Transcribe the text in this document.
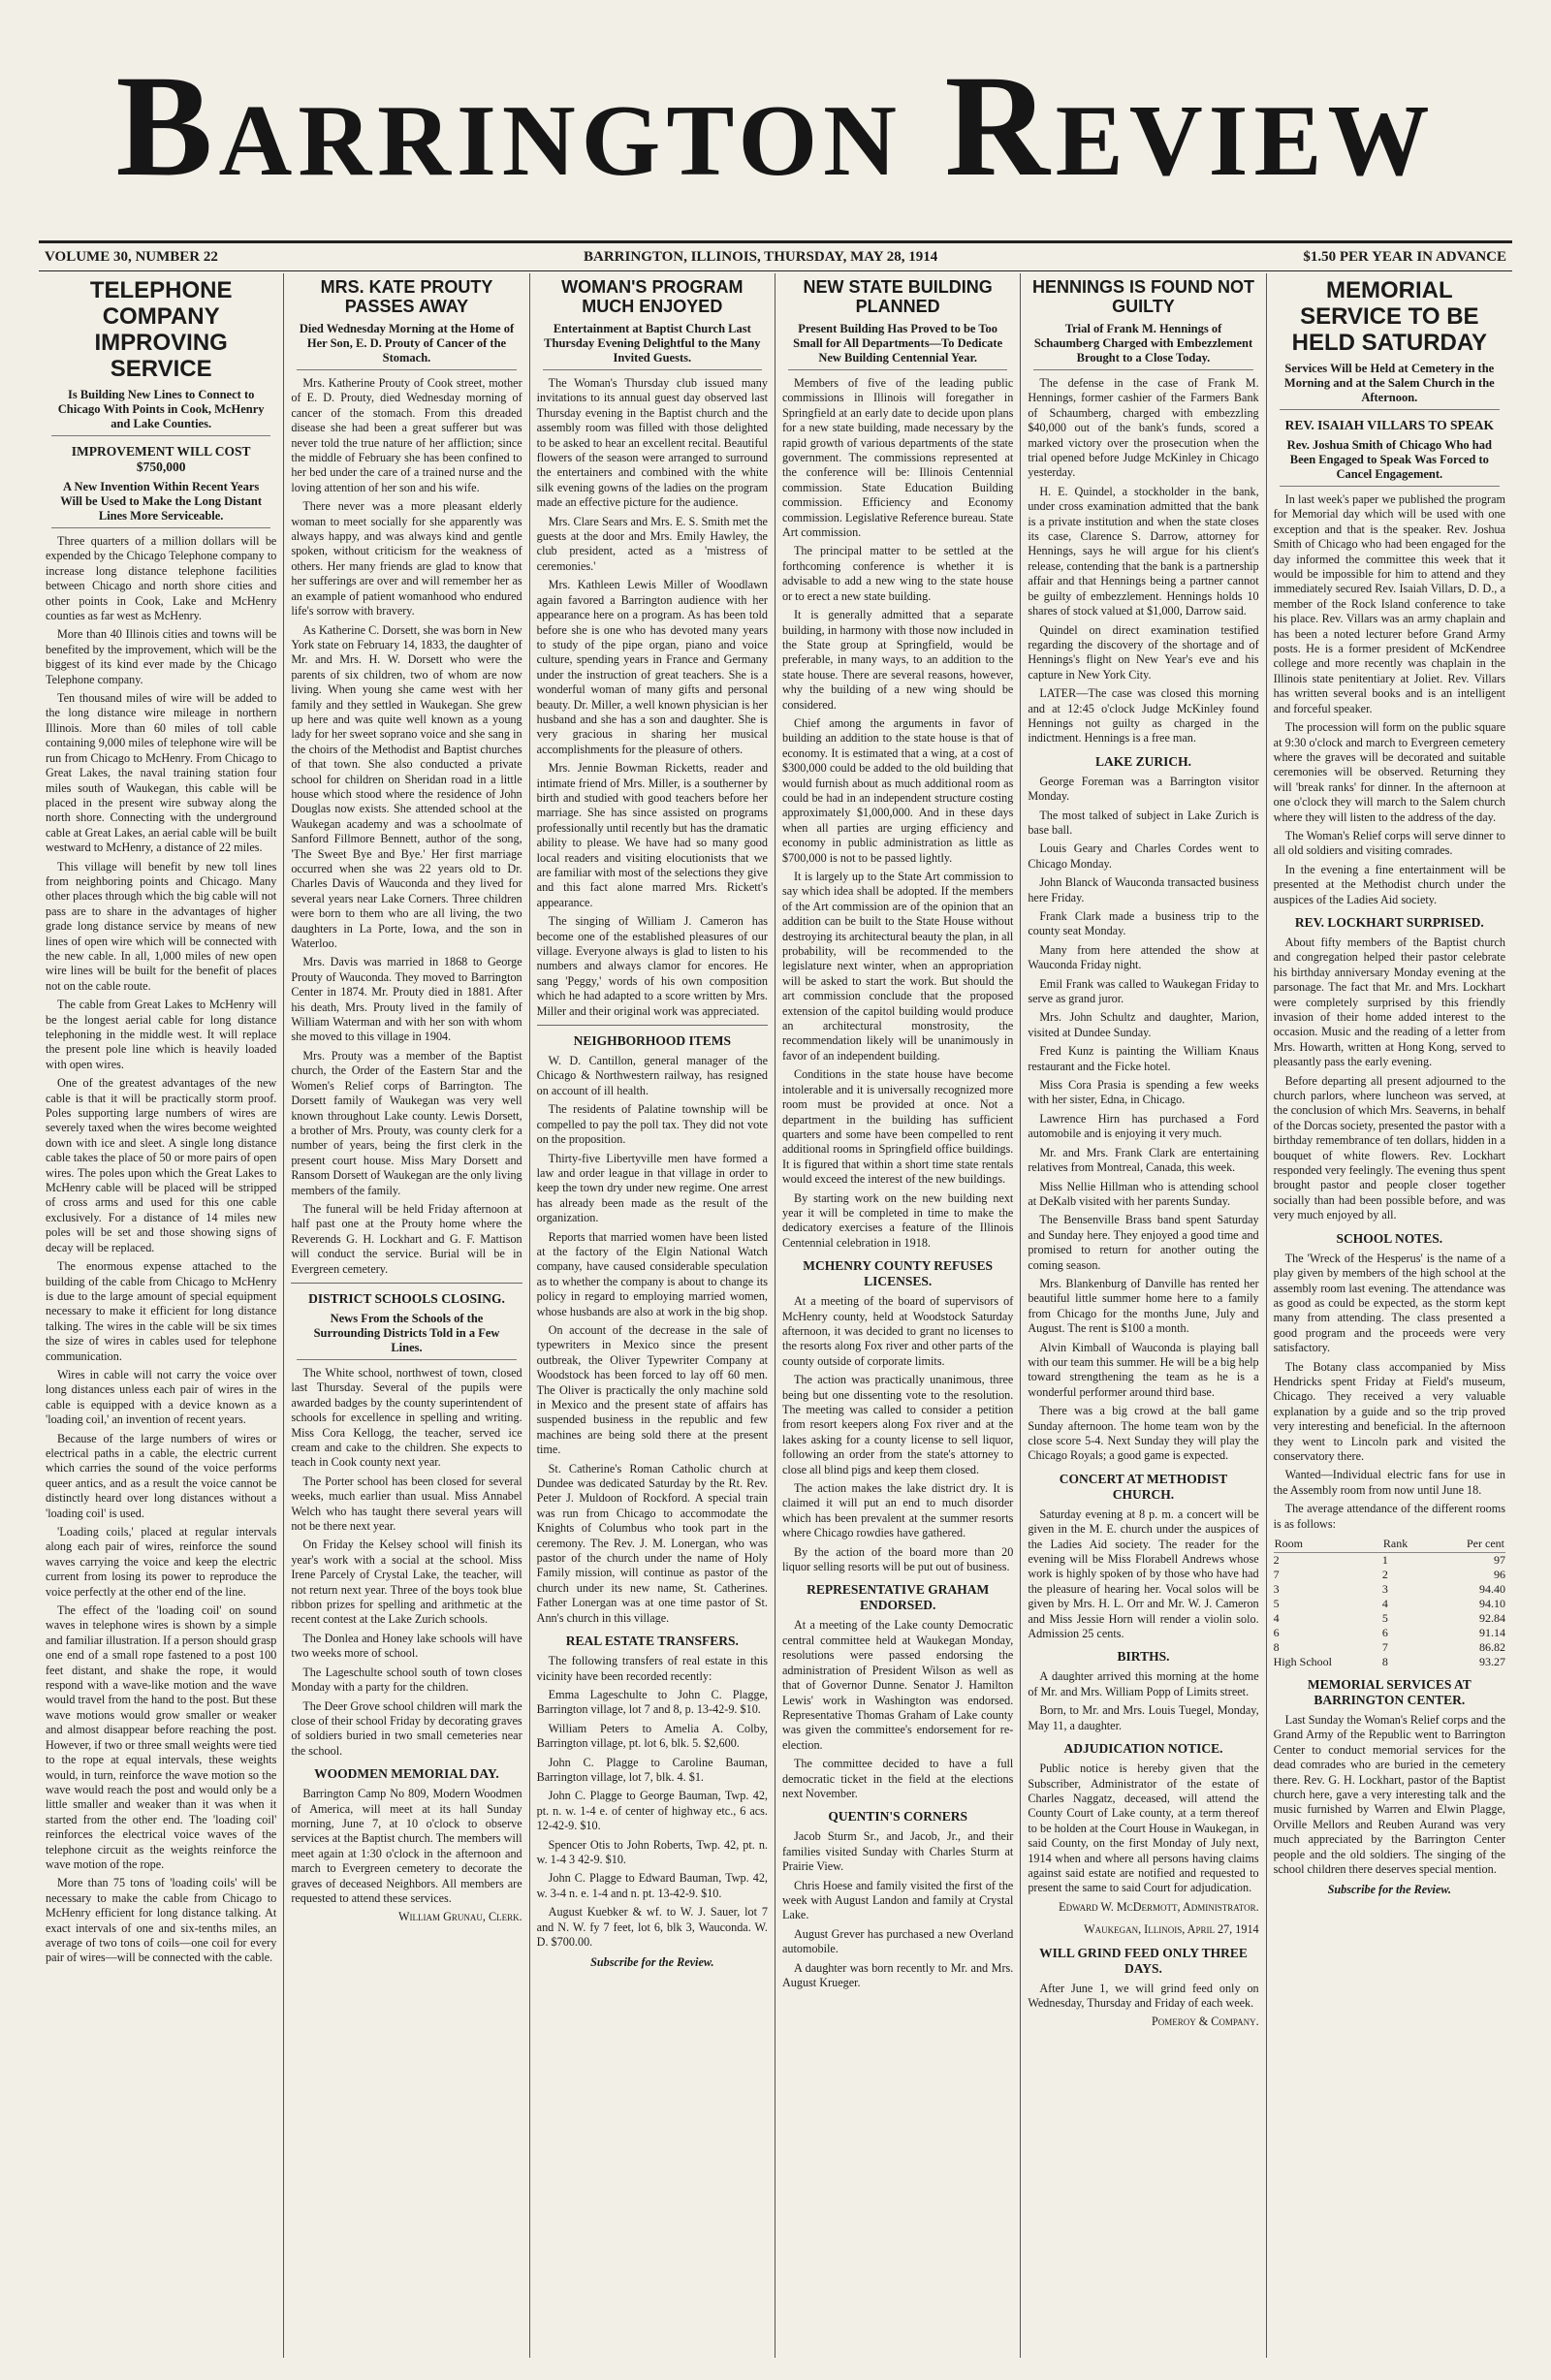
Barrington Review
VOLUME 30, NUMBER 22	BARRINGTON, ILLINOIS, THURSDAY, MAY 28, 1914	$1.50 PER YEAR IN ADVANCE
TELEPHONE COMPANY IMPROVING SERVICE
Is Building New Lines to Connect to Chicago With Points in Cook, McHenry and Lake Counties.
IMPROVEMENT WILL COST $750,000
A New Invention Within Recent Years Will be Used to Make the Long Distant Lines More Serviceable.

Three quarters of a million dollars will be expended by the Chicago Telephone company to increase long distance telephone facilities between Chicago and north shore cities and other points in Cook, Lake and McHenry counties as far west as McHenry.

More than 40 Illinois cities and towns will be benefited by the improvement, which will be the biggest of its kind ever made by the Chicago Telephone company.

Ten thousand miles of wire will be added to the long distance wire mileage in northern Illinois. More than 60 miles of toll cable containing 9,000 miles of telephone wire will be run from Chicago to McHenry. From Chicago to Great Lakes, the naval training station four miles south of Waukegan, this cable will be placed in the present wire subway along the north shore. Connecting with the underground cable at Great Lakes, an aerial cable will be built westward to McHenry, a distance of 22 miles.

This village will benefit by new toll lines from neighboring points and Chicago. Many other places through which the big cable will not pass are to share in the advantages of higher grade long distance service by means of new lines of open wire which will be connected with the new cable. In all, 1,000 miles of new open wire lines will be built for the benefit of places not on the cable route.

The cable from Great Lakes to McHenry will be the longest aerial cable for long distance telephoning in the middle west. It will replace the present pole line which is heavily loaded with open wires.

One of the greatest advantages of the new cable is that it will be practically storm proof. Poles supporting large numbers of wires are severely taxed when the wires become weighted down with ice and sleet. A single long distance cable takes the place of 50 or more pairs of open wires. The poles upon which the Great Lakes to McHenry cable will be placed will be stripped of cross arms and used for this one cable exclusively. For a distance of 14 miles new poles will be set and those showing signs of decay will be replaced.

The enormous expense attached to the building of the cable from Chicago to McHenry is due to the large amount of special equipment necessary to make it efficient for long distance talking. The wires in the cable will be six times the size of wires in cables used for telephone communication.

Wires in cable will not carry the voice over long distances unless each pair of wires in the cable is equipped with a device known as a 'loading coil,' an invention of recent years.

Because of the large numbers of wires or electrical paths in a cable, the electric current which carries the sound of the voice performs queer antics, and as a result the voice cannot be distinctly heard over long distances without a 'loading coil' is used.

'Loading coils,' placed at regular intervals along each pair of wires, reinforce the sound waves carrying the voice and keep the electric current from losing its power to reproduce the voice perfectly at the other end of the line.

The effect of the 'loading coil' on sound waves in telephone wires is shown by a simple and familiar illustration. If a person should grasp one end of a small rope fastened to a post 100 feet distant, and shake the rope, it would respond with a wave-like motion and the wave would travel from the hand to the post. But these wave motions would grow smaller or weaker and almost disappear before reaching the post. However, if two or three small weights were tied to the rope at equal intervals, these weights would, in turn, reinforce the wave motion so the wave would reach the post and would only be a little smaller and weaker than it was when it started from the other end. The 'loading coil' reinforces the electrical voice waves of the telephone circuit as the weights reinforce the wave motion of the rope.

More than 75 tons of 'loading coils' will be necessary to make the cable from Chicago to McHenry efficient for long distance talking. At exact intervals of one and six-tenths miles, an average of two tons of coils—one coil for every pair of wires—will be connected with the cable.

MRS. KATE PROUTY PASSES AWAY
Died Wednesday Morning at the Home of Her Son, E. D. Prouty of Cancer of the Stomach.

Mrs. Katherine Prouty of Cook street, mother of E. D. Prouty, died Wednesday morning of cancer of the stomach. From this dreaded disease she had been a great sufferer but was never told the true nature of her affliction; since the middle of February she has been confined to her bed under the care of a trained nurse and the loving attention of her son and his wife.

There never was a more pleasant elderly woman to meet socially for she apparently was always happy, and was always kind and gentle spoken, without criticism for the weakness of others. Her many friends are glad to know that her sufferings are over and will remember her as an example of patient womanhood who endured life's sorrow with bravery.

As Katherine C. Dorsett, she was born in New York state on February 14, 1833, the daughter of Mr. and Mrs. H. W. Dorsett who were the parents of six children, two of whom are now living. When young she came west with her family and they settled in Waukegan. She grew up here and was quite well known as a young lady for her sweet soprano voice and she sang in the choirs of the Methodist and Baptist churches of that town. She also conducted a private school for children on Sheridan road in a little house which stood where the residence of John Douglas now exists. She attended school at the Waukegan academy and was a schoolmate of Sanford Fillmore Bennett, author of the song, 'The Sweet Bye and Bye.' Her first marriage occurred when she was 22 years old to Dr. Charles Davis of Wauconda and they lived for several years near Lake Corners. Three children were born to them who are all living, the two daughters in La Porte, Iowa, and the son in Waterloo.

Mrs. Davis was married in 1868 to George Prouty of Wauconda. They moved to Barrington Center in 1874. Mr. Prouty died in 1881. After his death, Mrs. Prouty lived in the family of William Waterman and with her son with whom she moved to this village in 1904.

Mrs. Prouty was a member of the Baptist church, the Order of the Eastern Star and the Women's Relief corps of Barrington. The Dorsett family of Waukegan was very well known throughout Lake county. Lewis Dorsett, a brother of Mrs. Prouty, was county clerk for a number of years, being the first clerk in the present court house. Miss Mary Dorsett and Ransom Dorsett of Waukegan are the only living members of the family.

The funeral will be held Friday afternoon at half past one at the Prouty home where the Reverends G. H. Lockhart and G. F. Mattison will conduct the service. Burial will be in Evergreen cemetery.

DISTRICT SCHOOLS CLOSING.
News From the Schools of the Surrounding Districts Told in a Few Lines.

The White school, northwest of town, closed last Thursday. Several of the pupils were awarded badges by the county superintendent of schools for excellence in spelling and writing. Miss Cora Kellogg, the teacher, served ice cream and cake to the children. She expects to teach in Cook county next year.

The Porter school has been closed for several weeks, much earlier than usual. Miss Annabel Welch who has taught there several years will not be there next year.

On Friday the Kelsey school will finish its year's work with a social at the school. Miss Irene Parcely of Crystal Lake, the teacher, will not return next year. Three of the boys took blue ribbon prizes for spelling and arithmetic at the recent contest at the Lake Zurich schools.

The Donlea and Honey lake schools will have two weeks more of school.

The Lageschulte school south of town closes Monday with a party for the children.

The Deer Grove school children will mark the close of their school Friday by decorating graves of soldiers buried in two small cemeteries near the school.

WOODMEN MEMORIAL DAY.

Barrington Camp No 809, Modern Woodmen of America, will meet at its hall Sunday morning, June 7, at 10 o'clock to observe services at the Baptist church. The members will meet again at 1:30 o'clock in the afternoon and march to Evergreen cemetery to decorate the graves of deceased Neighbors. All members are requested to attend these services.

William Grunau, Clerk.
WOMAN'S PROGRAM MUCH ENJOYED
Entertainment at Baptist Church Last Thursday Evening Delightful to the Many Invited Guests.

The Woman's Thursday club issued many invitations to its annual guest day observed last Thursday evening in the Baptist church and the assembly room was filled with those delighted to be asked to hear an excellent recital. Beautiful flowers of the season were arranged to surround the entertainers and combined with the white silk evening gowns of the ladies on the program made an effective picture for the audience.

Mrs. Clare Sears and Mrs. E. S. Smith met the guests at the door and Mrs. Emily Hawley, the club president, acted as a 'mistress of ceremonies.'

Mrs. Kathleen Lewis Miller of Woodlawn again favored a Barrington audience with her appearance here on a program. As has been told before she is one who has devoted many years to study of the pipe organ, piano and voice culture, spending years in France and Germany under the instruction of great teachers. She is a wonderful woman of many gifts and personal beauty. Dr. Miller, a well known physician is her husband and she has a son and daughter. She is very gracious in sharing her musical accomplishments for the pleasure of others.

Mrs. Jennie Bowman Ricketts, reader and intimate friend of Mrs. Miller, is a southerner by birth and studied with good teachers before her marriage. She has since assisted on programs professionally until recently but has the dramatic ability to please. We have had so many good local readers and visiting elocutionists that we are familiar with most of the selections they give and this fact alone marred Mrs. Rickett's appearance.

The singing of William J. Cameron has become one of the established pleasures of our village. Everyone always is glad to listen to his numbers and always clamor for encores. He sang 'Peggy,' words of his own composition which he had adapted to a score written by Mrs. Miller and their original work was appreciated.

NEIGHBORHOOD ITEMS

W. D. Cantillon, general manager of the Chicago & Northwestern railway, has resigned on account of ill health.

The residents of Palatine township will be compelled to pay the poll tax. They did not vote on the proposition.

Thirty-five Libertyville men have formed a law and order league in that village in order to keep the town dry under new regime. One arrest has already been made as the result of the organization.

Reports that married women have been listed at the factory of the Elgin National Watch company, have caused considerable speculation as to whether the company is about to change its policy in regard to employing married women, whose husbands are also at work in the big shop.

On account of the decrease in the sale of typewriters in Mexico since the present outbreak, the Oliver Typewriter Company at Woodstock has been forced to lay off 60 men. The Oliver is practically the only machine sold in Mexico and the present state of affairs has suspended business in the republic and few machines are being sold there at the present time.

St. Catherine's Roman Catholic church at Dundee was dedicated Saturday by the Rt. Rev. Peter J. Muldoon of Rockford. A special train was run from Chicago to accommodate the Knights of Columbus who took part in the ceremony. The Rev. J. M. Lonergan, who was pastor of the church under the name of Holy Family mission, will continue as pastor of the church under its new name, St. Catherines. Father Lonergan was at one time pastor of St. Ann's church in this village.

REAL ESTATE TRANSFERS.

The following transfers of real estate in this vicinity have been recorded recently:

Emma Lageschulte to John C. Plagge, Barrington village, lot 7 and 8, p. 13-42-9. $10.

William Peters to Amelia A. Colby, Barrington village, pt. lot 6, blk. 5. $2,600.

John C. Plagge to Caroline Bauman, Barrington village, lot 7, blk. 4. $1.

John C. Plagge to George Bauman, Twp. 42, pt. n. w. 1-4 e. of center of highway etc., 6 acs. 12-42-9. $10.

Spencer Otis to John Roberts, Twp. 42, pt. n. w. 1-4 3 42-9. $10.

John C. Plagge to Edward Bauman, Twp. 42, w. 3-4 n. e. 1-4 and n. pt. 13-42-9. $10.

August Kuebker & wf. to W. J. Sauer, lot 7 and N. W. fy 7 feet, lot 6, blk 3, Wauconda. W. D. $700.00.

Subscribe for the Review.
NEW STATE BUILDING PLANNED
Present Building Has Proved to be Too Small for All Departments—To Dedicate New Building Centennial Year.

Members of five of the leading public commissions in Illinois will foregather in Springfield at an early date to decide upon plans for a new state building, made necessary by the rapid growth of various departments of the state government. The commissions represented at the conference will be: Illinois Centennial commission. State Education Building commission. Efficiency and Economy commission. Legislative Reference bureau. State Art commission.

The principal matter to be settled at the forthcoming conference is whether it is advisable to add a new wing to the state house or to erect a new state building.

It is generally admitted that a separate building, in harmony with those now included in the State group at Springfield, would be preferable, in many ways, to an addition to the state house. There are several reasons, however, why the building of a new wing should be considered.

Chief among the arguments in favor of building an addition to the state house is that of economy. It is estimated that a wing, at a cost of $300,000 could be added to the old building that would furnish about as much additional room as could be had in an independent structure costing approximately $1,000,000. And in these days when all parties are urging efficiency and economy in public administration as little as $700,000 is not to be passed lightly.

It is largely up to the State Art commission to say which idea shall be adopted. If the members of the Art commission are of the opinion that an addition can be built to the State House without destroying its architectural beauty the plan, in all probability, will be recommended to the legislature next winter, when an appropriation will be asked to start the work. But should the art commission conclude that the proposed extension of the capitol building would produce an architectural monstrosity, the recommendation likely will be unanimously in favor of an independent building.

Conditions in the state house have become intolerable and it is universally recognized more room must be provided at once. Not a department in the building has sufficient quarters and some have been compelled to rent additional rooms in Springfield office buildings. It is figured that within a short time state rentals would exceed the interest of the new buildings.

By starting work on the new building next year it will be completed in time to make the dedicatory exercises a feature of the Illinois Centennial celebration in 1918.

MCHENRY COUNTY REFUSES LICENSES.

At a meeting of the board of supervisors of McHenry county, held at Woodstock Saturday afternoon, it was decided to grant no licenses to the resorts along Fox river and other parts of the county outside of corporate limits.

The action was practically unanimous, three being but one dissenting vote to the resolution. The meeting was called to consider a petition from resort keepers along Fox river and at the lakes asking for a county license to sell liquor, following an order from the state's attorney to close all blind pigs and keep them closed.

The action makes the lake district dry. It is claimed it will put an end to much disorder which has been prevalent at the summer resorts where Chicago rowdies have gathered.

By the action of the board more than 20 liquor selling resorts will be put out of business.

REPRESENTATIVE GRAHAM ENDORSED.

At a meeting of the Lake county Democratic central committee held at Waukegan Monday, resolutions were passed endorsing the administration of President Wilson as well as that of Governor Dunne. Senator J. Hamilton Lewis' work in Washington was endorsed. Representative Thomas Graham of Lake county was given the committee's endorsement for re-election.

The committee decided to have a full democratic ticket in the field at the elections next November.

QUENTIN'S CORNERS

Jacob Sturm Sr., and Jacob, Jr., and their families visited Sunday with Charles Sturm at Prairie View.

Chris Hoese and family visited the first of the week with August Landon and family at Crystal Lake.

August Grever has purchased a new Overland automobile.

A daughter was born recently to Mr. and Mrs. August Krueger.

HENNINGS IS FOUND NOT GUILTY
Trial of Frank M. Hennings of Schaumberg Charged with Embezzlement Brought to a Close Today.

The defense in the case of Frank M. Hennings, former cashier of the Farmers Bank of Schaumberg, charged with embezzling $40,000 out of the bank's funds, scored a marked victory over the prosecution when the trial opened before Judge McKinley in Chicago yesterday.

H. E. Quindel, a stockholder in the bank, under cross examination admitted that the bank is a private institution and when the state closes its case, Clarence S. Darrow, attorney for Hennings, says he will argue for his client's release, contending that the bank is a partnership affair and that Hennings being a partner cannot be guilty of embezzlement. Hennings holds 10 shares of stock valued at $1,000, Darrow said.

Quindel on direct examination testified regarding the discovery of the shortage and of Hennings's flight on New Year's eve and his capture in New York City.

LATER—The case was closed this morning and at 12:45 o'clock Judge McKinley found Hennings not guilty as charged in the indictment. Hennings is a free man.

LAKE ZURICH.

George Foreman was a Barrington visitor Monday.

The most talked of subject in Lake Zurich is base ball.

Louis Geary and Charles Cordes went to Chicago Monday.

John Blanck of Wauconda transacted business here Friday.

Frank Clark made a business trip to the county seat Monday.

Many from here attended the show at Wauconda Friday night.

Emil Frank was called to Waukegan Friday to serve as grand juror.

Mrs. John Schultz and daughter, Marion, visited at Dundee Sunday.

Fred Kunz is painting the William Knaus restaurant and the Ficke hotel.

Miss Cora Prasia is spending a few weeks with her sister, Edna, in Chicago.

Lawrence Hirn has purchased a Ford automobile and is enjoying it very much.

Mr. and Mrs. Frank Clark are entertaining relatives from Montreal, Canada, this week.

Miss Nellie Hillman who is attending school at DeKalb visited with her parents Sunday.

The Bensenville Brass band spent Saturday and Sunday here. They enjoyed a good time and promised to return for another outing the coming season.

Mrs. Blankenburg of Danville has rented her beautiful little summer home here to a family from Chicago for the months June, July and August. The rent is $100 a month.

Alvin Kimball of Wauconda is playing ball with our team this summer. He will be a big help toward strengthening the team as he is a wonderful performer around third base.

There was a big crowd at the ball game Sunday afternoon. The home team won by the close score 5-4. Next Sunday they will play the Chicago Royals; a good game is expected.

CONCERT AT METHODIST CHURCH.

Saturday evening at 8 p. m. a concert will be given in the M. E. church under the auspices of the Ladies Aid society. The reader for the evening will be Miss Florabell Andrews whose work is highly spoken of by those who have had the pleasure of hearing her. Vocal solos will be given by Mrs. H. L. Orr and Mr. W. J. Cameron and Miss Jessie Horn will render a violin solo. Admission 25 cents.

BIRTHS.

A daughter arrived this morning at the home of Mr. and Mrs. William Popp of Limits street.

Born, to Mr. and Mrs. Louis Tuegel, Monday, May 11, a daughter.

ADJUDICATION NOTICE.

Public notice is hereby given that the Subscriber, Administrator of the estate of Charles Naggatz, deceased, will attend the County Court of Lake county, at a term thereof to be holden at the Court House in Waukegan, in said County, on the first Monday of July next, 1914 when and where all persons having claims against said estate are notified and requested to present the same to said Court for adjudication.

Edward W. McDermott, Administrator.
Waukegan, Illinois, April 27, 1914
WILL GRIND FEED ONLY THREE DAYS.

After June 1, we will grind feed only on Wednesday, Thursday and Friday of each week.

Pomeroy & Company.
MEMORIAL SERVICE TO BE HELD SATURDAY
Services Will be Held at Cemetery in the Morning and at the Salem Church in the Afternoon.
REV. ISAIAH VILLARS TO SPEAK
Rev. Joshua Smith of Chicago Who had Been Engaged to Speak Was Forced to Cancel Engagement.

In last week's paper we published the program for Memorial day which will be used with one exception and that is the speaker. Rev. Joshua Smith of Chicago who had been engaged for the day informed the committee this week that it would be impossible for him to attend and they immediately secured Rev. Isaiah Villars, D. D., a member of the Rock Island conference to take his place. Rev. Villars was an army chaplain and has been a noted lecturer before Grand Army posts. He is a former president of McKendree college and more recently was chaplain in the Illinois state penitentiary at Joliet. Rev. Villars has written several books and is an intelligent and forceful speaker.

The procession will form on the public square at 9:30 o'clock and march to Evergreen cemetery where the graves will be decorated and suitable ceremonies will be observed. Returning they will 'break ranks' for dinner. In the afternoon at one o'clock they will march to the Salem church where they will listen to the address of the day.

The Woman's Relief corps will serve dinner to all old soldiers and visiting comrades.

In the evening a fine entertainment will be presented at the Methodist church under the auspices of the Ladies Aid society.

REV. LOCKHART SURPRISED.

About fifty members of the Baptist church and congregation helped their pastor celebrate his birthday anniversary Monday evening at the parsonage. The fact that Mr. and Mrs. Lockhart were completely surprised by this friendly invasion of their home added interest to the occasion. Music and the reading of a letter from Mrs. Howarth, written at Hong Kong, served to pleasantly pass the early evening.

Before departing all present adjourned to the church parlors, where luncheon was served, at the conclusion of which Mrs. Seaverns, in behalf of the Dorcas society, presented the pastor with a birthday remembrance of ten dollars, hidden in a bouquet of white flowers. Rev. Lockhart responded very feelingly. The evening thus spent brought pastor and people closer together socially than had been possible before, and was very much enjoyed by all.

SCHOOL NOTES.

The 'Wreck of the Hesperus' is the name of a play given by members of the high school at the assembly room last evening. The attendance was as good as could be expected, as the storm kept many from attending. The class presented a good program and the proceeds were very satisfactory.

The Botany class accompanied by Miss Hendricks spent Friday at Field's museum, Chicago. They received a very valuable explanation by a guide and so the trip proved very interesting and beneficial. In the afternoon they went to Lincoln park and visited the conservatory there.

Wanted—Individual electric fans for use in the Assembly room from now until June 18.

The average attendance of the different rooms is as follows:

Room	Rank	Per cent
2	1	97
7	2	96
3	3	94.40
5	4	94.10
4	5	92.84
6	6	91.14
8	7	86.82
High School	8	93.27
MEMORIAL SERVICES AT BARRINGTON CENTER.

Last Sunday the Woman's Relief corps and the Grand Army of the Republic went to Barrington Center to conduct memorial services for the dead comrades who are buried in the cemetery there. Rev. G. H. Lockhart, pastor of the Baptist church here, gave a very interesting talk and the music furnished by Warren and Elwin Plagge, Orville Mellors and Reuben Aurand was very much appreciated by the Barrington Center people and the old soldiers. The singing of the school children there deserves special mention.

Subscribe for the Review.
